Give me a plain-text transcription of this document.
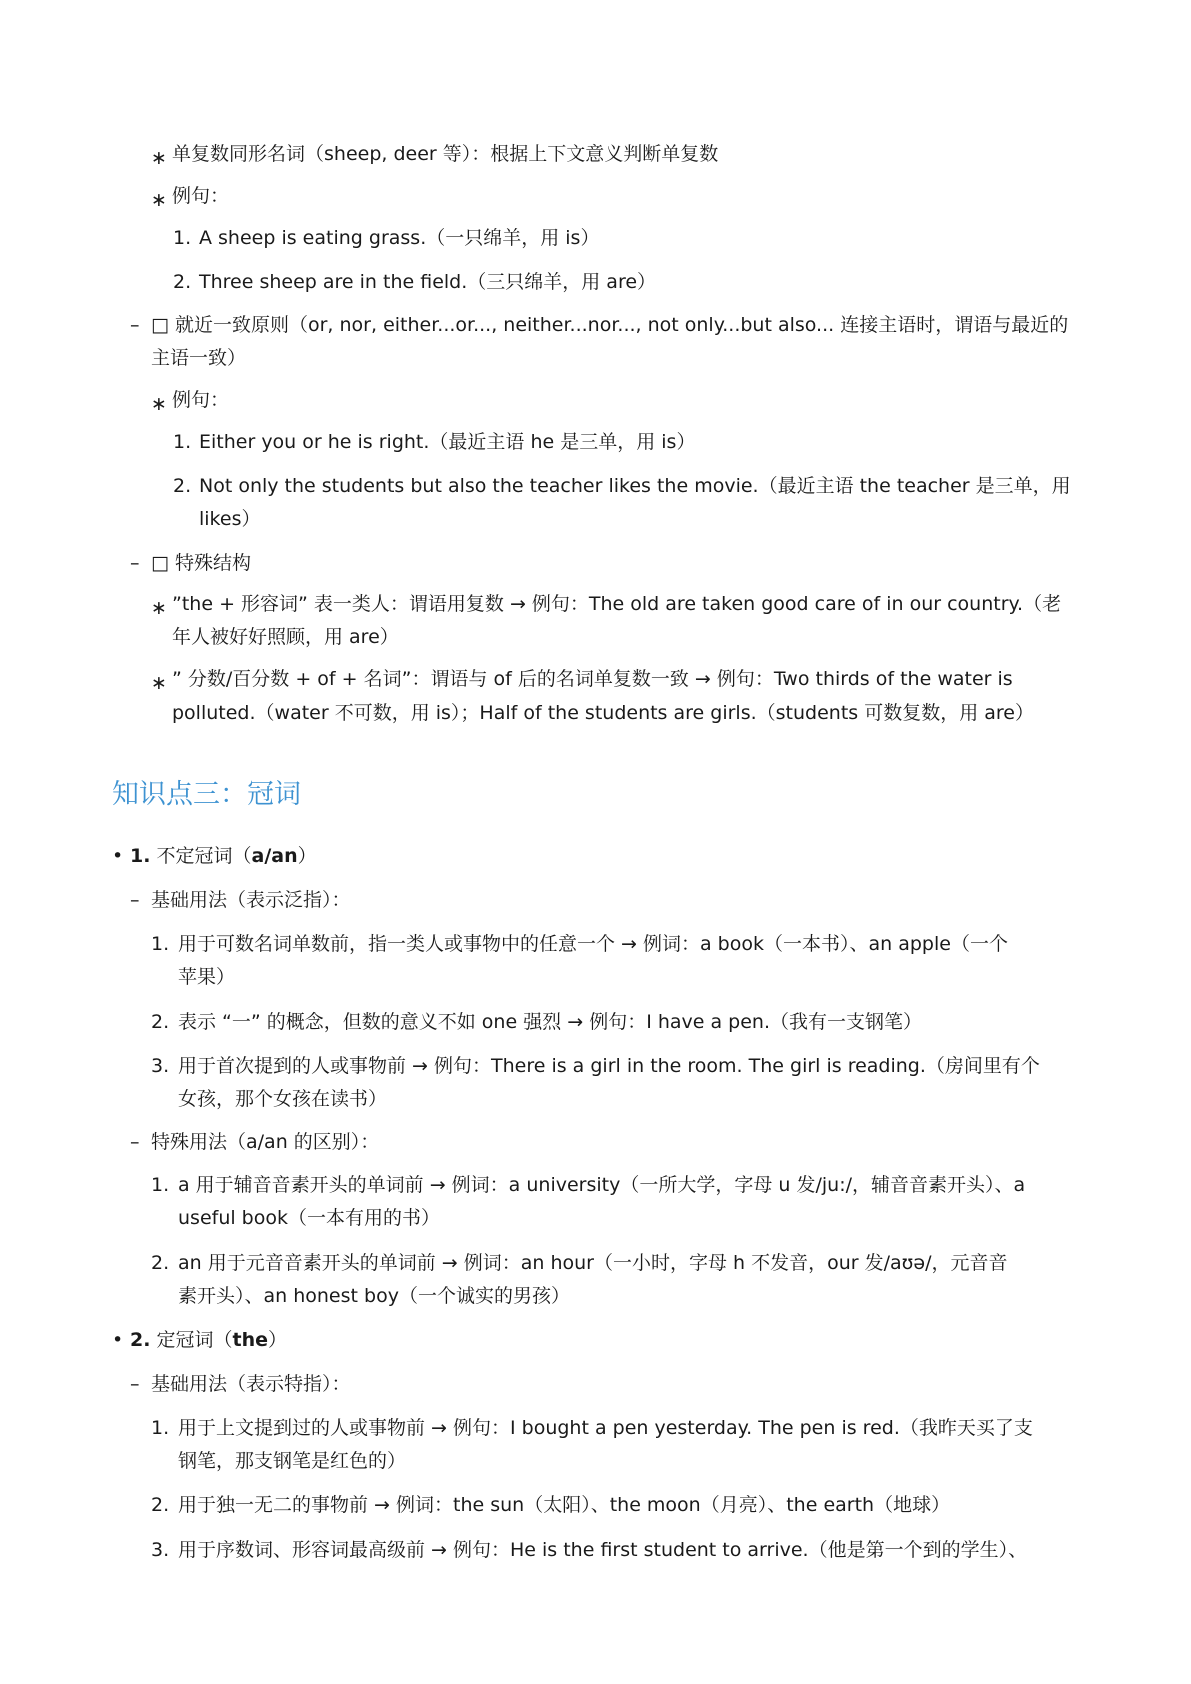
∗ 单复数同形名词（sheep, deer 等）：根据上下文意义判断单复数
∗ 例句：
1. A sheep is eating grass.（一只绵羊，用 is）
2. Three sheep are in the field.（三只绵羊，用 are）
– □ 就近一致原则（or, nor, either...or..., neither...nor..., not only...but also... 连接主语时，谓语与最近的
主语一致）
∗ 例句：
1. Either you or he is right.（最近主语 he 是三单，用 is）
2. Not only the students but also the teacher likes the movie.（最近主语 the teacher 是三单，用
likes）
– □ 特殊结构
∗ ”the + 形容词” 表一类人：谓语用复数 → 例句：The old are taken good care of in our country.（老
年人被好好照顾，用 are）
∗ ” 分数/百分数 + of + 名词”：谓语与 of 后的名词单复数一致 → 例句：Two thirds of the water is
polluted.（water 不可数，用 is）；Half of the students are girls.（students 可数复数，用 are）
知识点三：冠词
• 1. 不定冠词（a/an）
– 基础用法（表示泛指）：
1. 用于可数名词单数前，指一类人或事物中的任意一个 → 例词：a book（一本书）、an apple（一个
苹果）
2. 表示 “一” 的概念，但数的意义不如 one 强烈 → 例句：I have a pen.（我有一支钢笔）
3. 用于首次提到的人或事物前 → 例句：There is a girl in the room. The girl is reading.（房间里有个
女孩，那个女孩在读书）
– 特殊用法（a/an 的区别）：
1. a 用于辅音音素开头的单词前 → 例词：a university（一所大学，字母 u 发/ju:/，辅音音素开头）、a
useful book（一本有用的书）
2. an 用于元音音素开头的单词前 → 例词：an hour（一小时，字母 h 不发音，our 发/aʊə/，元音音
素开头）、an honest boy（一个诚实的男孩）
• 2. 定冠词（the）
– 基础用法（表示特指）：
1. 用于上文提到过的人或事物前 → 例句：I bought a pen yesterday. The pen is red.（我昨天买了支
钢笔，那支钢笔是红色的）
2. 用于独一无二的事物前 → 例词：the sun（太阳）、the moon（月亮）、the earth（地球）
3. 用于序数词、形容词最高级前 → 例句：He is the first student to arrive.（他是第一个到的学生）、
